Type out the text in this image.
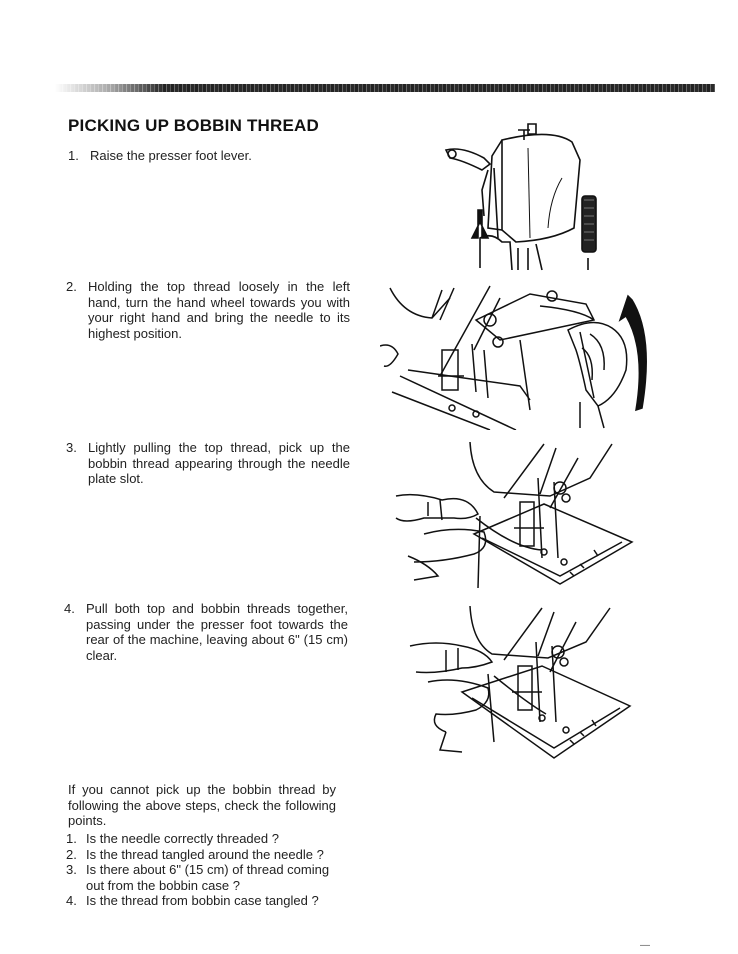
PICKING UP BOBBIN THREAD
1. Raise the presser foot lever.
2. Holding the top thread loosely in the left hand, turn the hand wheel towards you with your right hand and bring the needle to its highest position.
3. Lightly pulling the top thread, pick up the bobbin thread appearing through the needle plate slot.
4. Pull both top and bobbin threads together, passing under the presser foot towards the rear of the machine, leaving about 6" (15 cm) clear.
If you cannot pick up the bobbin thread by following the above steps, check the following points.
1. Is the needle correctly threaded ?
2. Is the thread tangled around the needle ?
3. Is there about 6" (15 cm) of thread coming out from the bobbin case ?
4. Is the thread from bobbin case tangled ?
—
